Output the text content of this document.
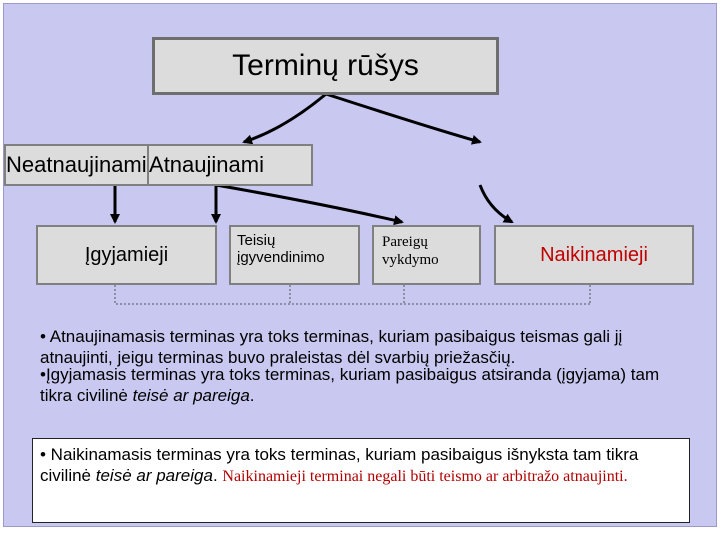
Terminų rūšys
Atnaujinami
Neatnaujinami
Įgyjamieji
Teisių
įgyvendinimo
Pareigų
vykdymo	Naikinamieji

• Atnaujinamasis terminas yra toks terminas, kuriam pasibaigus teismas gali jį atnaujinti, jeigu terminas buvo praleistas dėl svarbių priežasčių.

•Įgyjamasis terminas yra toks terminas, kuriam pasibaigus atsiranda (įgyjama) tam tikra civilinė teisė ar pareiga.

• Naikinamasis terminas yra toks terminas, kuriam pasibaigus išnyksta tam tikra civilinė teisė ar pareiga. Naikinamieji terminai negali būti teismo ar arbitražo atnaujinti.
